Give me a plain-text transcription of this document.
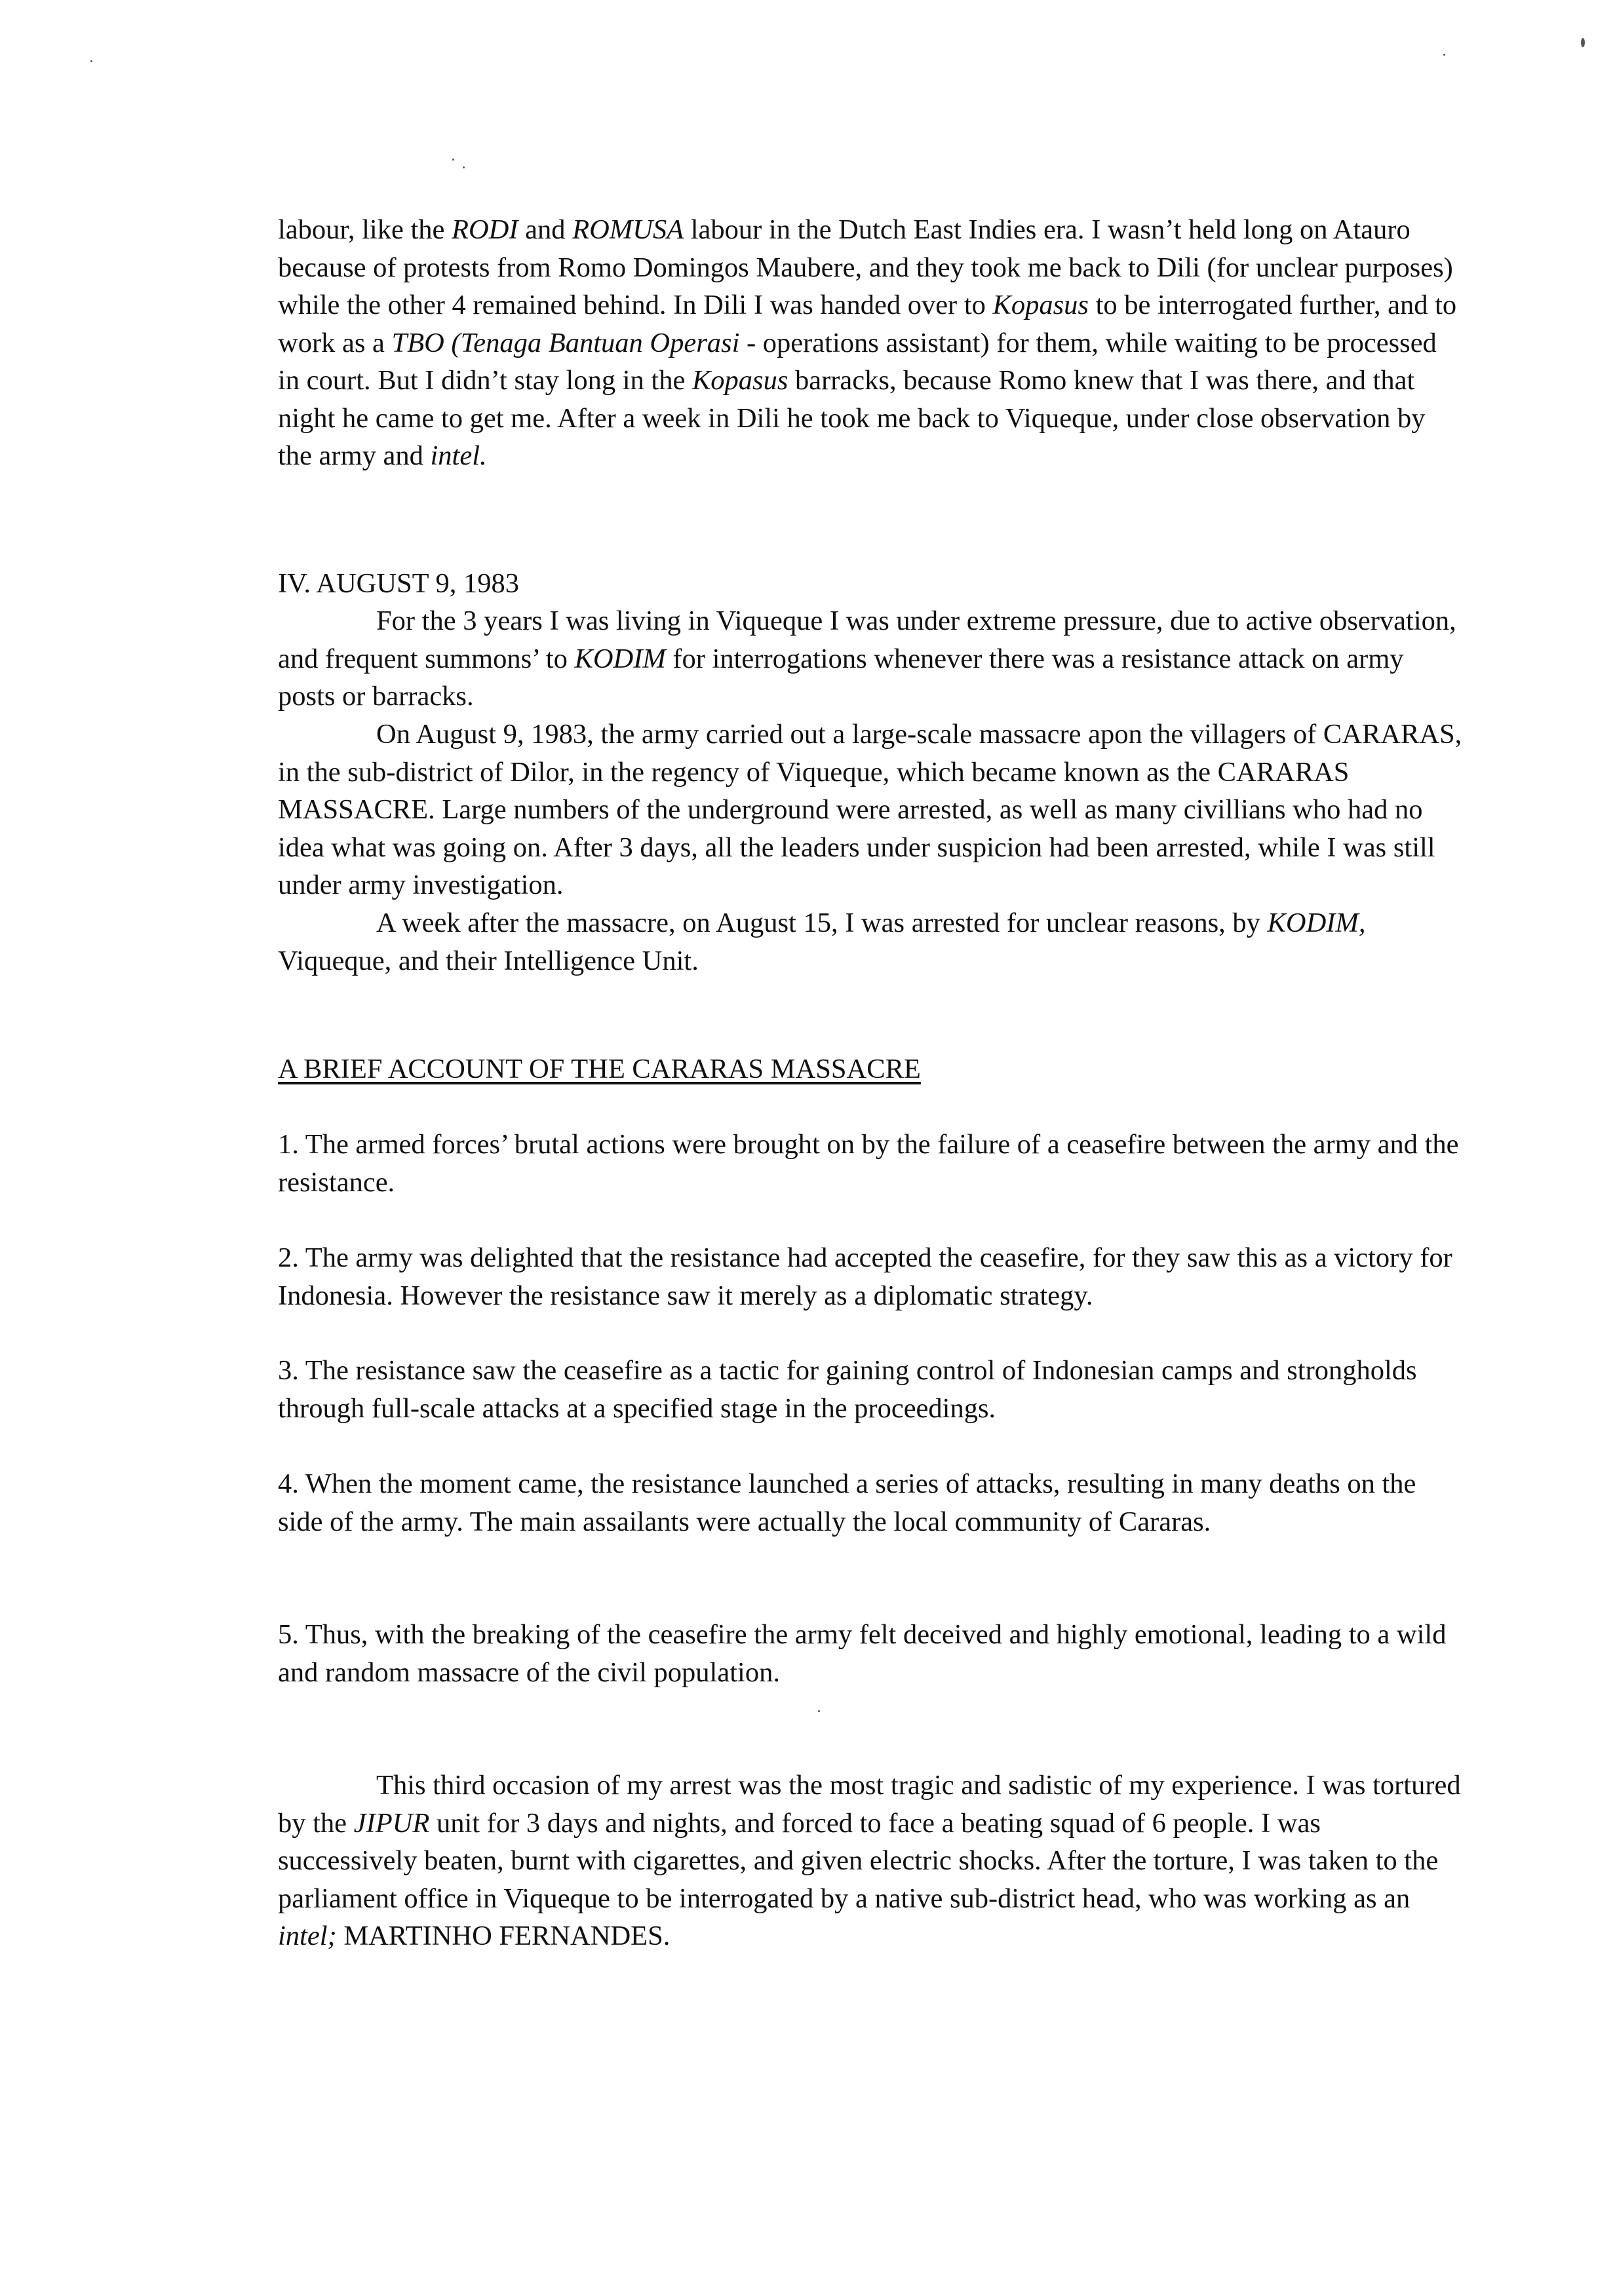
labour, like the RODI and ROMUSA labour in the Dutch East Indies era. I wasn’t held long on Atauro because of protests from Romo Domingos Maubere, and they took me back to Dili (for unclear purposes) while the other 4 remained behind. In Dili I was handed over to Kopasus to be interrogated further, and to work as a TBO (Tenaga Bantuan Operasi - operations assistant) for them, while waiting to be processed in court. But I didn’t stay long in the Kopasus barracks, because Romo knew that I was there, and that night he came to get me. After a week in Dili he took me back to Viqueque, under close observation by the army and intel.

IV. AUGUST 9, 1983

For the 3 years I was living in Viqueque I was under extreme pressure, due to active observation, and frequent summons’ to KODIM for interrogations whenever there was a resistance attack on army posts or barracks.

On August 9, 1983, the army carried out a large-scale massacre apon the villagers of CARARAS, in the sub-district of Dilor, in the regency of Viqueque, which became known as the CARARAS MASSACRE. Large numbers of the underground were arrested, as well as many civillians who had no idea what was going on. After 3 days, all the leaders under suspicion had been arrested, while I was still under army investigation.

A week after the massacre, on August 15, I was arrested for unclear reasons, by KODIM, Viqueque, and their Intelligence Unit.

A BRIEF ACCOUNT OF THE CARARAS MASSACRE

1. The armed forces’ brutal actions were brought on by the failure of a ceasefire between the army and the resistance.

2. The army was delighted that the resistance had accepted the ceasefire, for they saw this as a victory for Indonesia. However the resistance saw it merely as a diplomatic strategy.

3. The resistance saw the ceasefire as a tactic for gaining control of Indonesian camps and strongholds through full-scale attacks at a specified stage in the proceedings.

4. When the moment came, the resistance launched a series of attacks, resulting in many deaths on the side of the army. The main assailants were actually the local community of Cararas.

5. Thus, with the breaking of the ceasefire the army felt deceived and highly emotional, leading to a wild and random massacre of the civil population.

This third occasion of my arrest was the most tragic and sadistic of my experience. I was tortured by the JIPUR unit for 3 days and nights, and forced to face a beating squad of 6 people. I was successively beaten, burnt with cigarettes, and given electric shocks. After the torture, I was taken to the parliament office in Viqueque to be interrogated by a native sub-district head, who was working as an intel; MARTINHO FERNANDES.
